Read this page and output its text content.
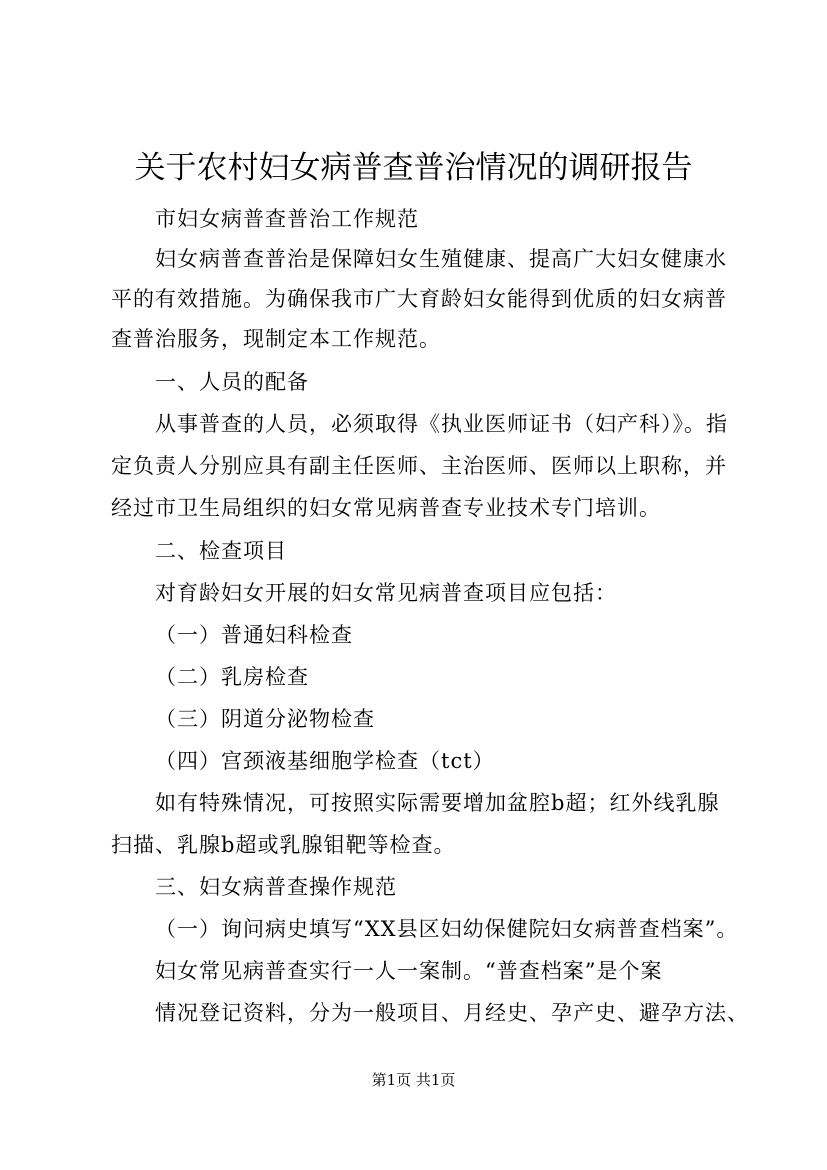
关于农村妇女病普查普治情况的调研报告
市妇女病普查普治工作规范
妇女病普查普治是保障妇女生殖健康、提高广大妇女健康水
平的有效措施。为确保我市广大育龄妇女能得到优质的妇女病普
查普治服务，现制定本工作规范。
一、人员的配备
从事普查的人员，必须取得《执业医师证书（妇产科）》。指
定负责人分别应具有副主任医师、主治医师、医师以上职称，并
经过市卫生局组织的妇女常见病普查专业技术专门培训。
二、检查项目
对育龄妇女开展的妇女常见病普查项目应包括：
（一）普通妇科检查
（二）乳房检查
（三）阴道分泌物检查
（四）宫颈液基细胞学检查（tct）
如有特殊情况，可按照实际需要增加盆腔b超；红外线乳腺
扫描、乳腺b超或乳腺钼靶等检查。
三、妇女病普查操作规范
（一）询问病史填写“XX县区妇幼保健院妇女病普查档案”。
妇女常见病普查实行一人一案制。“普查档案”是个案
情况登记资料，分为一般项目、月经史、孕产史、避孕方法、
第1页 共1页
